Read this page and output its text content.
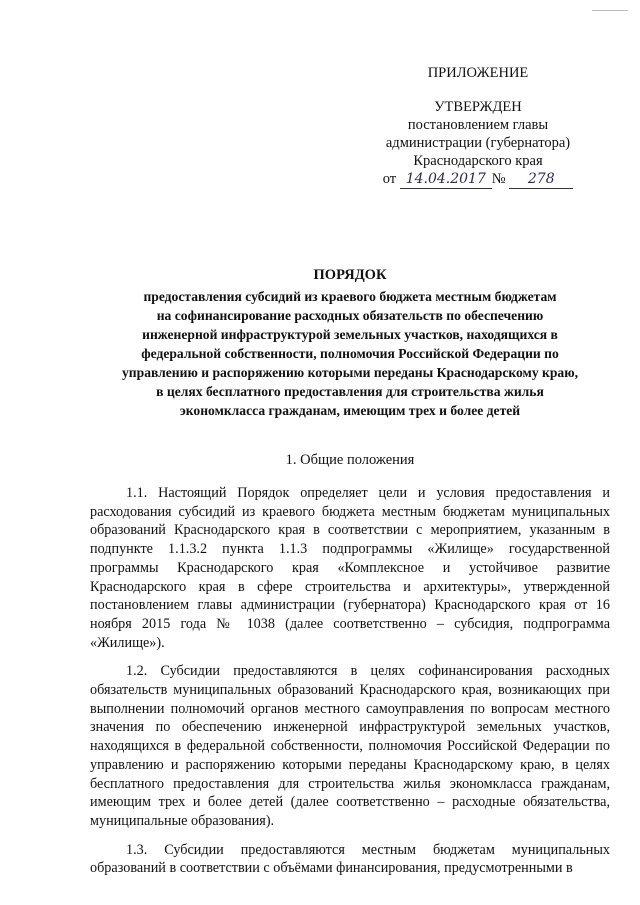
ПРИЛОЖЕНИЕ
УТВЕРЖДЕН
постановлением главы
администрации (губернатора)
Краснодарского края
от 14.04.2017 № 278
ПОРЯДОК
предоставления субсидий из краевого бюджета местным бюджетам
на софинансирование расходных обязательств по обеспечению
инженерной инфраструктурой земельных участков, находящихся в
федеральной собственности, полномочия Российской Федерации по
управлению и распоряжению которыми переданы Краснодарскому краю,
в целях бесплатного предоставления для строительства жилья
экономкласса гражданам, имеющим трех и более детей
1. Общие положения

1.1. Настоящий Порядок определяет цели и условия предоставления и расходования субсидий из краевого бюджета местным бюджетам муниципальных образований Краснодарского края в соответствии с мероприятием, указанным в подпункте 1.1.3.2 пункта 1.1.3 подпрограммы «Жилище» государственной программы Краснодарского края «Комплексное и устойчивое развитие Краснодарского края в сфере строительства и архитектуры», утвержденной постановлением главы администрации (губернатора) Краснодарского края от 16 ноября 2015 года № 1038 (далее соответственно – субсидия, подпрограмма «Жилище»).

1.2. Субсидии предоставляются в целях софинансирования расходных обязательств муниципальных образований Краснодарского края, возникающих при выполнении полномочий органов местного самоуправления по вопросам местного значения по обеспечению инженерной инфраструктурой земельных участков, находящихся в федеральной собственности, полномочия Российской Федерации по управлению и распоряжению которыми переданы Краснодарскому краю, в целях бесплатного предоставления для строительства жилья экономкласса гражданам, имеющим трех и более детей (далее соответственно – расходные обязательства, муниципальные образования).

1.3. Субсидии предоставляются местным бюджетам муниципальных образований в соответствии с объёмами финансирования, предусмотренными в
